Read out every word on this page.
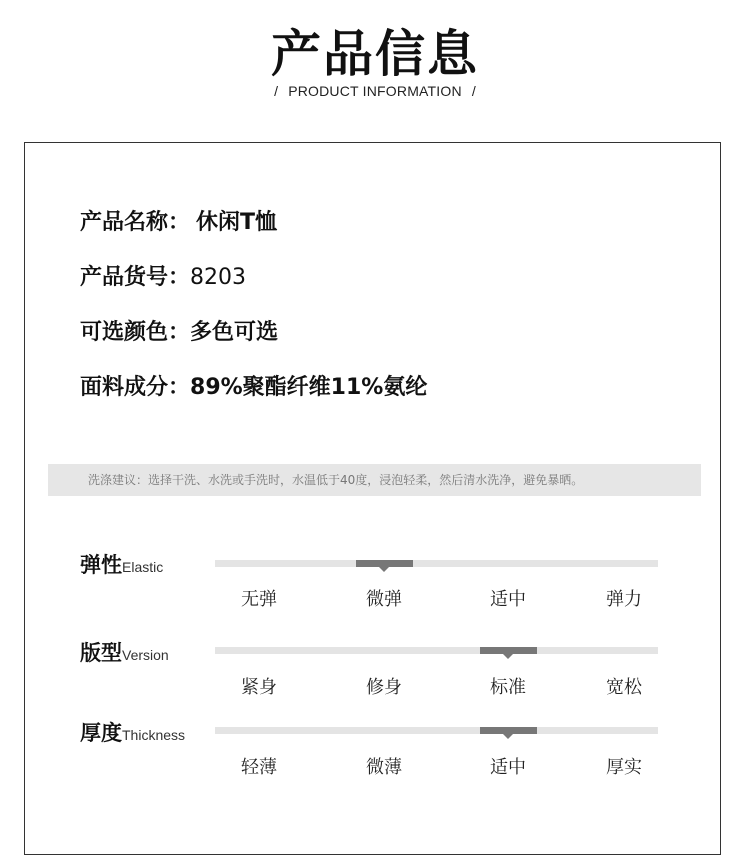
产品信息
/ PRODUCT INFORMATION /
产品名称： 休闲T恤
产品货号：8203
可选颜色：多色可选
面料成分：89%聚酯纤维11%氨纶
洗涤建议：选择干洗、水洗或手洗时，水温低于40度，浸泡轻柔，然后清水洗净，避免暴晒。
弹性Elastic
无弹	微弹	适中	弹力
版型Version
紧身	修身	标准	宽松
厚度Thickness
轻薄	微薄	适中	厚实
